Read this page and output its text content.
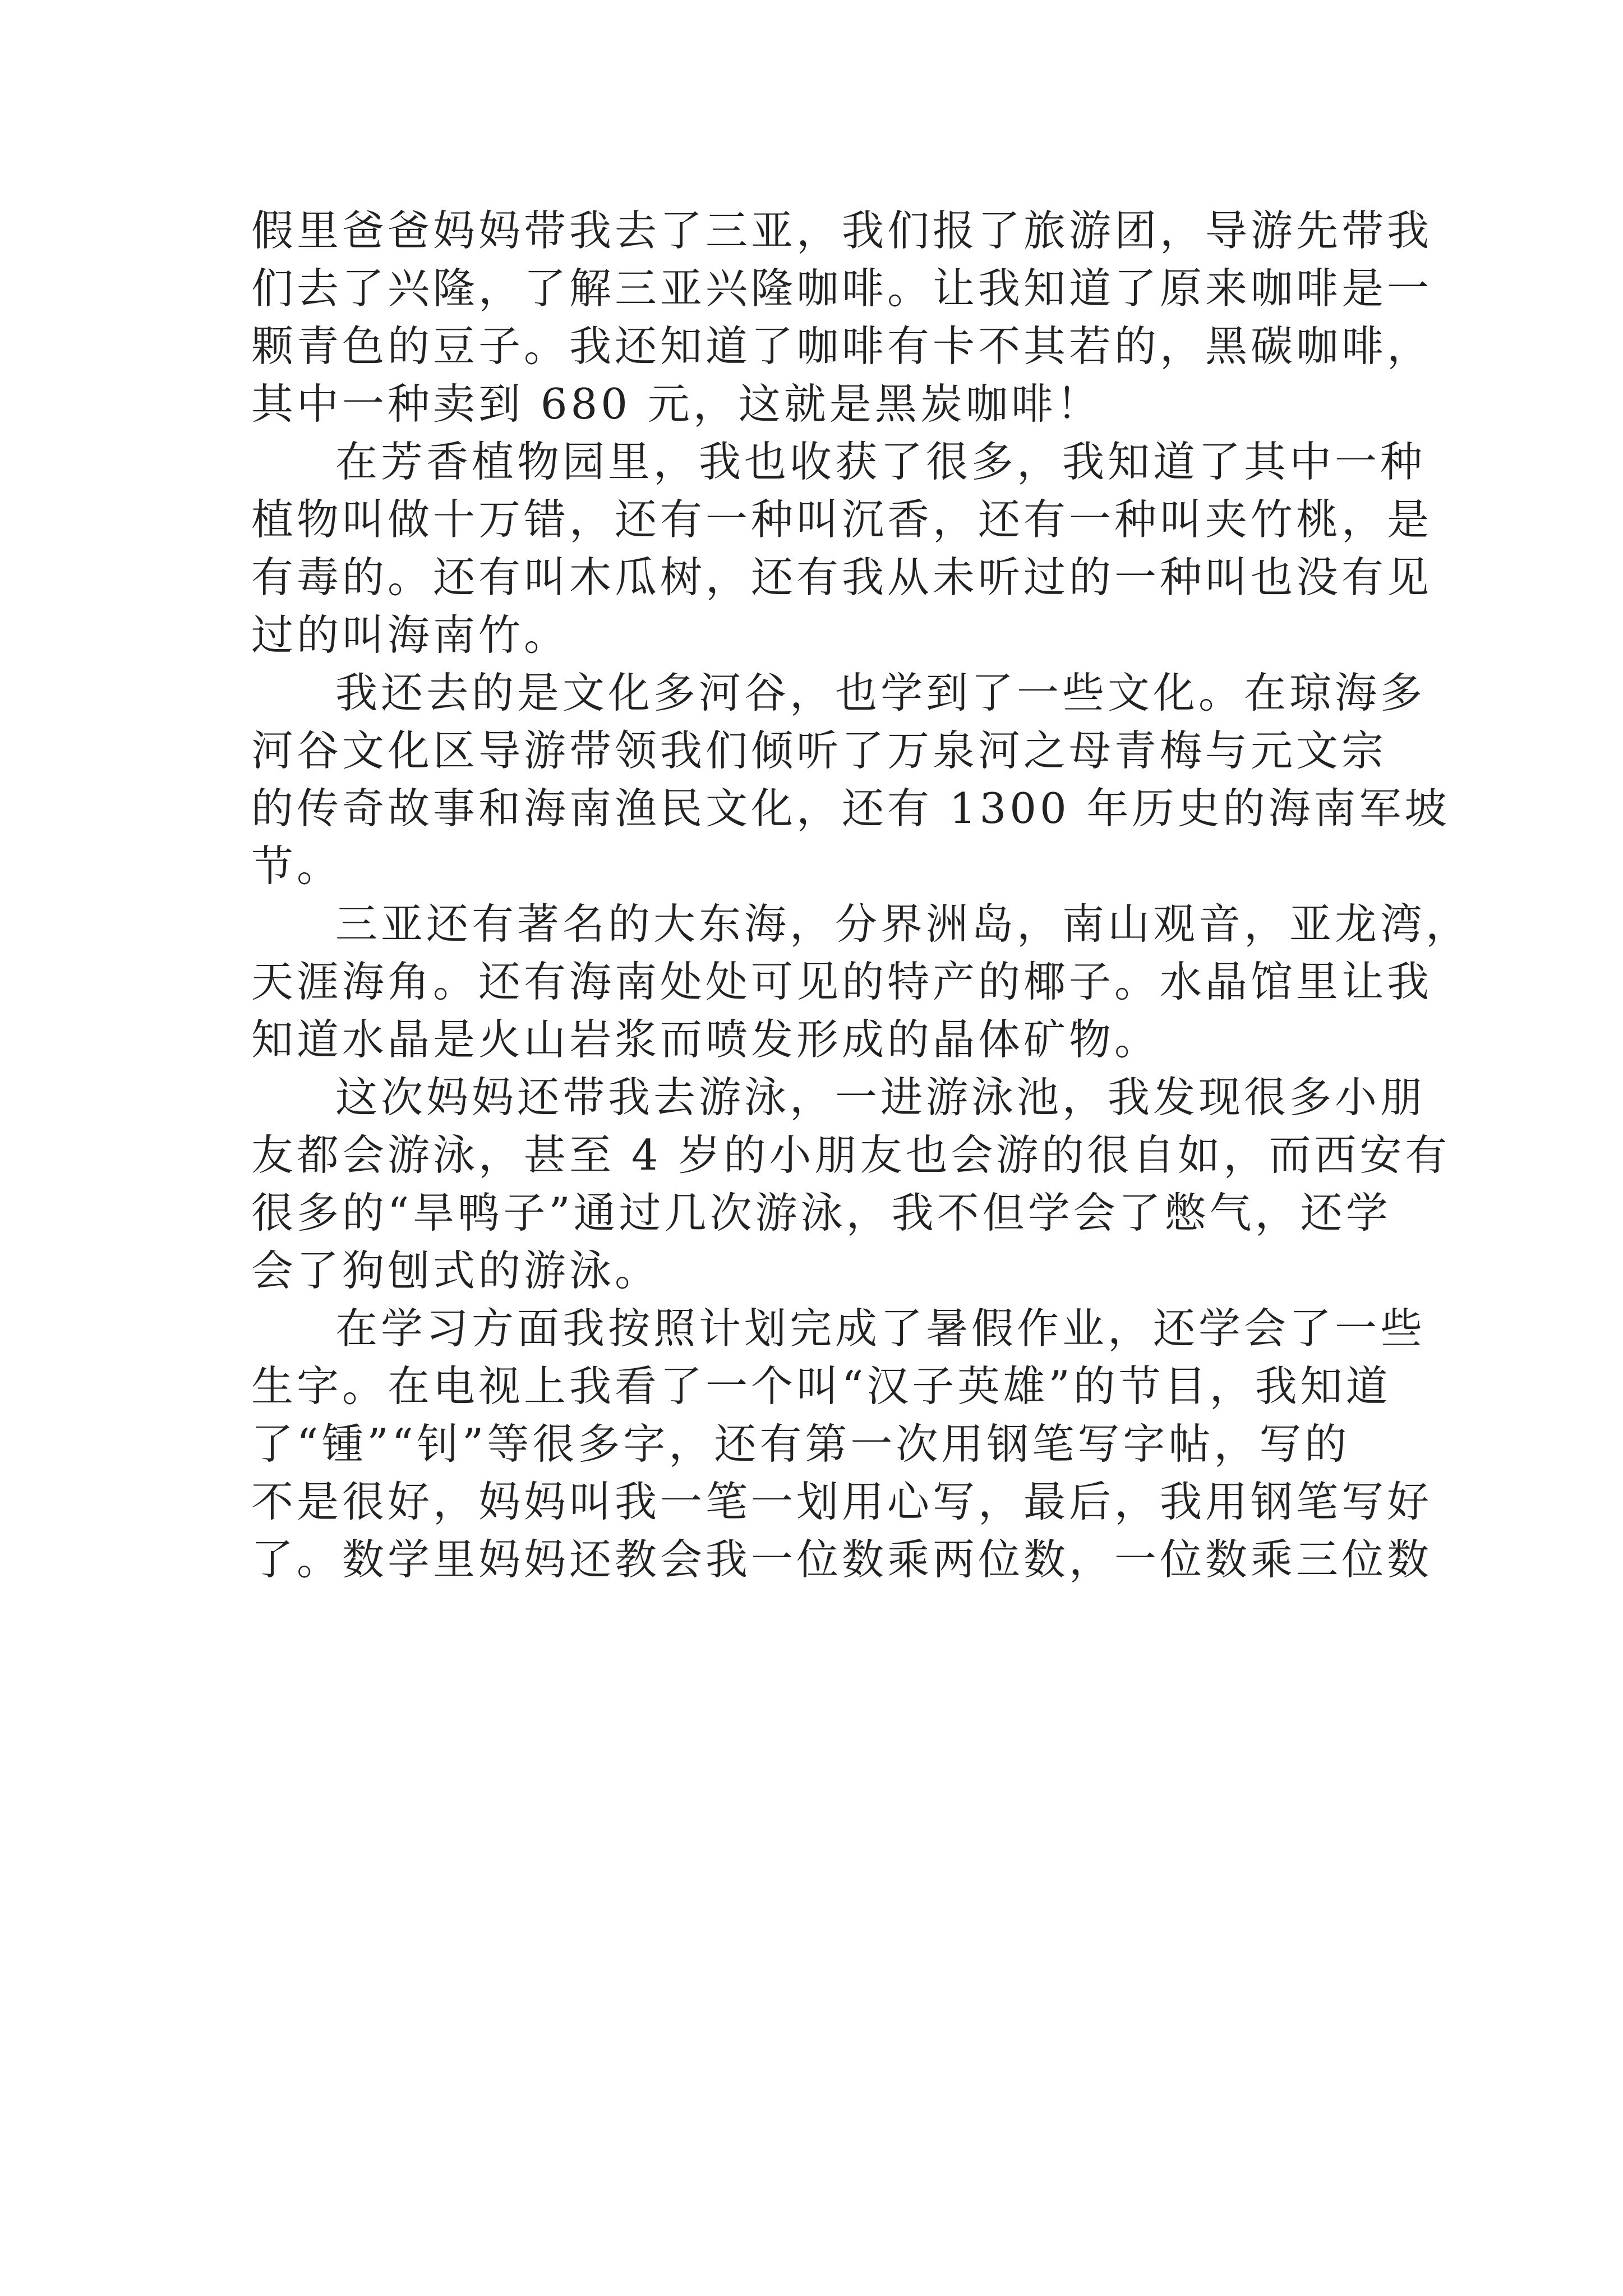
假里爸爸妈妈带我去了三亚，我们报了旅游团，导游先带我
们去了兴隆，了解三亚兴隆咖啡。让我知道了原来咖啡是一
颗青色的豆子。我还知道了咖啡有卡不其若的，黑碳咖啡，
其中一种卖到 680 元，这就是黑炭咖啡！
在芳香植物园里，我也收获了很多，我知道了其中一种
植物叫做十万错，还有一种叫沉香，还有一种叫夹竹桃，是
有毒的。还有叫木瓜树，还有我从未听过的一种叫也没有见
过的叫海南竹。
我还去的是文化多河谷，也学到了一些文化。在琼海多
河谷文化区导游带领我们倾听了万泉河之母青梅与元文宗
的传奇故事和海南渔民文化，还有 1300 年历史的海南军坡
节。
三亚还有著名的大东海，分界洲岛，南山观音，亚龙湾，
天涯海角。还有海南处处可见的特产的椰子。水晶馆里让我
知道水晶是火山岩浆而喷发形成的晶体矿物。
这次妈妈还带我去游泳，一进游泳池，我发现很多小朋
友都会游泳，甚至 4 岁的小朋友也会游的很自如，而西安有
很多的“旱鸭子”通过几次游泳，我不但学会了憋气，还学
会了狗刨式的游泳。
在学习方面我按照计划完成了暑假作业，还学会了一些
生字。在电视上我看了一个叫“汉子英雄”的节目，我知道
了“锺”“钊”等很多字，还有第一次用钢笔写字帖，写的
不是很好，妈妈叫我一笔一划用心写，最后，我用钢笔写好
了。数学里妈妈还教会我一位数乘两位数，一位数乘三位数
